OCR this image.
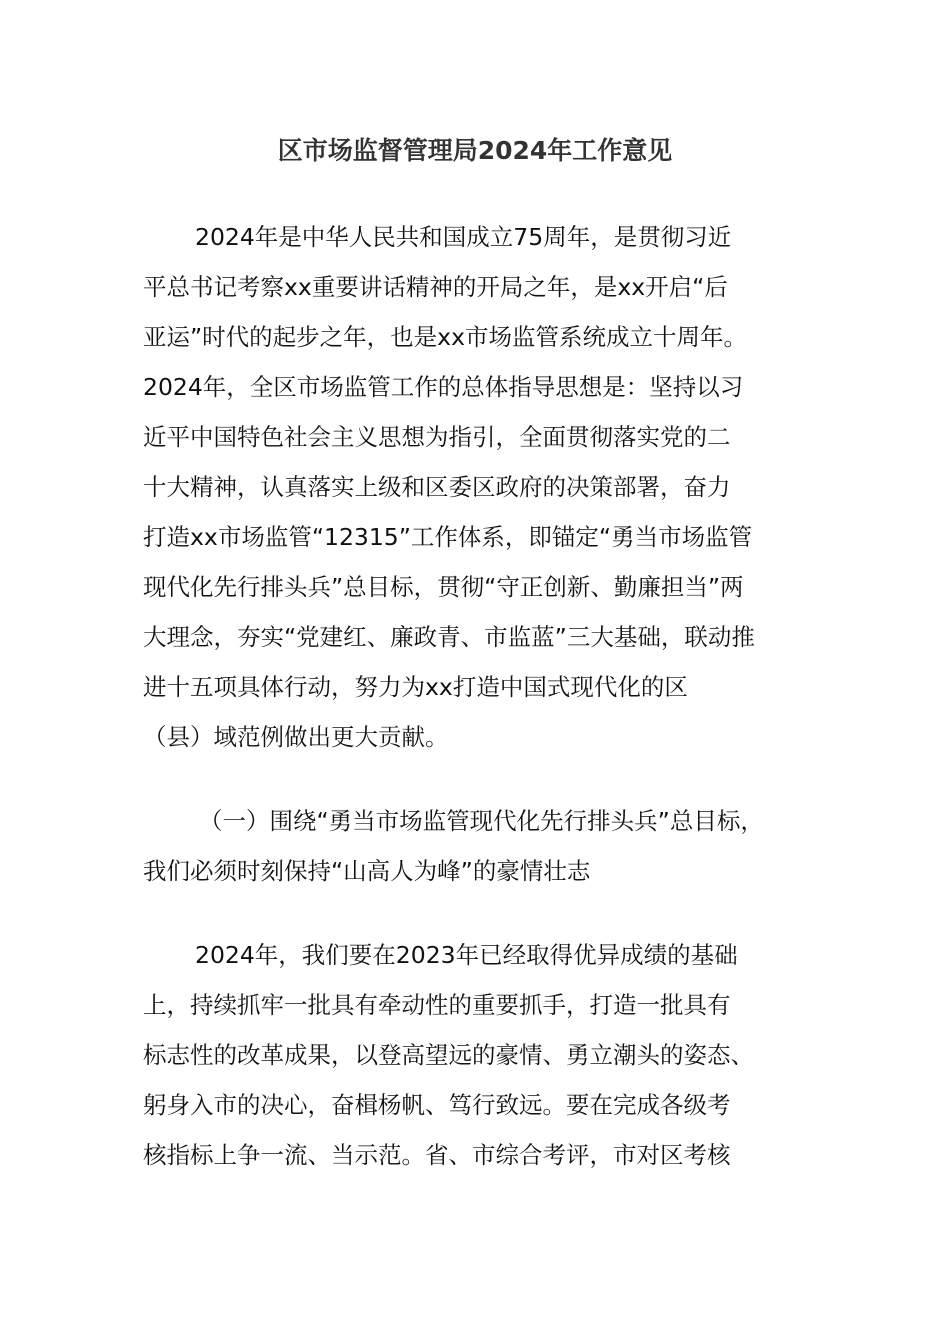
区市场监督管理局2024年工作意见
2024年是中华人民共和国成立75周年，是贯彻习近
平总书记考察xx重要讲话精神的开局之年，是xx开启“后
亚运”时代的起步之年，也是xx市场监管系统成立十周年。
2024年，全区市场监管工作的总体指导思想是：坚持以习
近平中国特色社会主义思想为指引，全面贯彻落实党的二
十大精神，认真落实上级和区委区政府的决策部署，奋力
打造xx市场监管“12315”工作体系，即锚定“勇当市场监管
现代化先行排头兵”总目标，贯彻“守正创新、勤廉担当”两
大理念，夯实“党建红、廉政青、市监蓝”三大基础，联动推
进十五项具体行动，努力为xx打造中国式现代化的区
（县）域范例做出更大贡献。
（一）围绕“勇当市场监管现代化先行排头兵”总目标，
我们必须时刻保持“山高人为峰”的豪情壮志
2024年，我们要在2023年已经取得优异成绩的基础
上，持续抓牢一批具有牵动性的重要抓手，打造一批具有
标志性的改革成果，以登高望远的豪情、勇立潮头的姿态、
躬身入市的决心，奋楫杨帆、笃行致远。要在完成各级考
核指标上争一流、当示范。省、市综合考评，市对区考核
